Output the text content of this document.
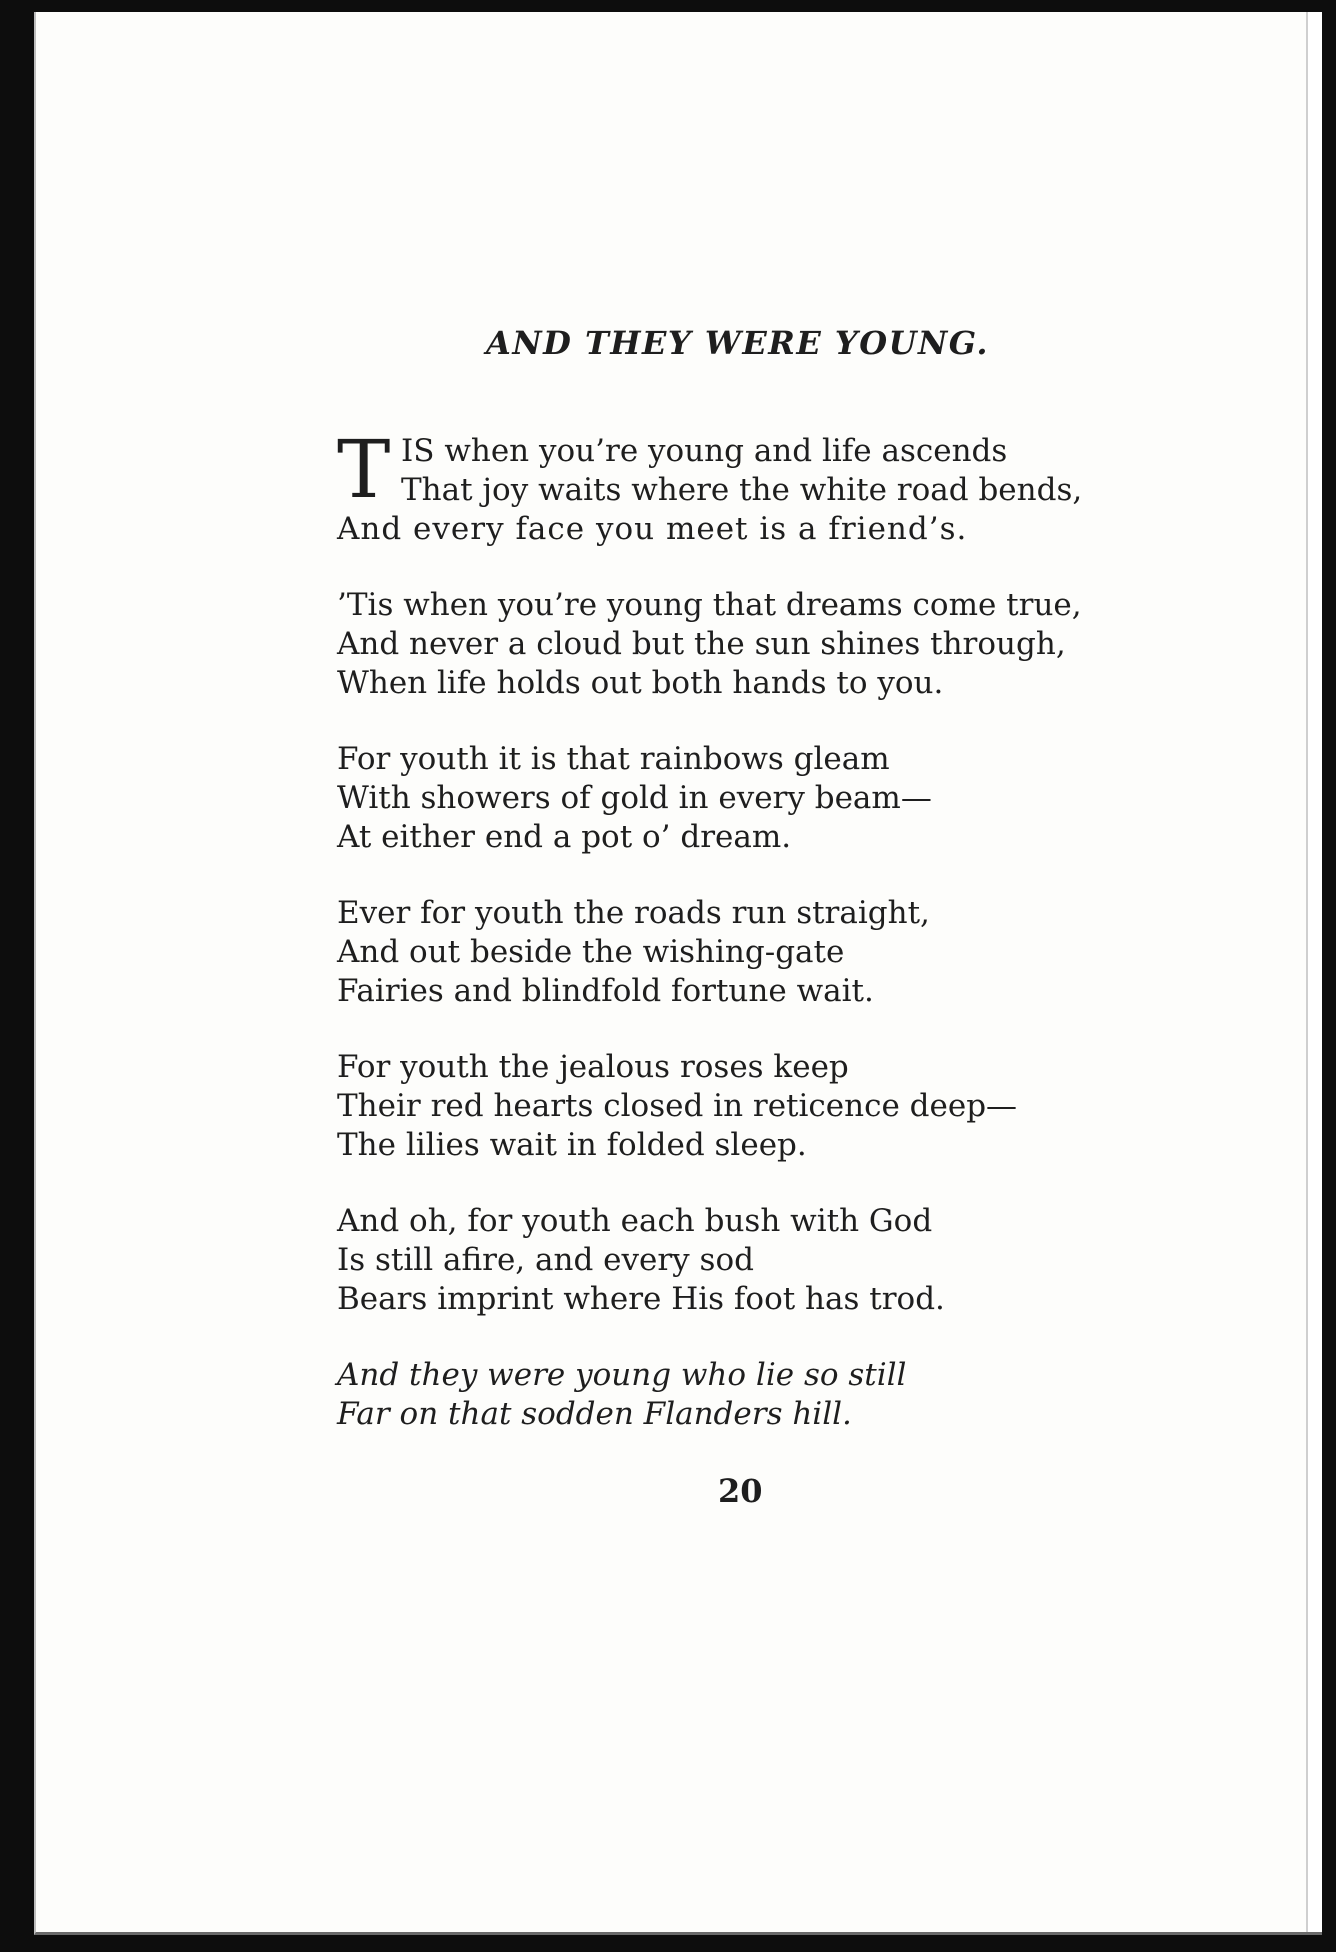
AND THEY WERE YOUNG.
T IS when you’re young and life ascends
That joy waits where the white road bends,
And every face you meet is a friend’s.
’Tis when you’re young that dreams come true,
And never a cloud but the sun shines through,
When life holds out both hands to you.
For youth it is that rainbows gleam
With showers of gold in every beam—
At either end a pot o’ dream.
Ever for youth the roads run straight,
And out beside the wishing-gate
Fairies and blindfold fortune wait.
For youth the jealous roses keep
Their red hearts closed in reticence deep—
The lilies wait in folded sleep.
And oh, for youth each bush with God
Is still afire, and every sod
Bears imprint where His foot has trod.
And they were young who lie so still
Far on that sodden Flanders hill.

20
